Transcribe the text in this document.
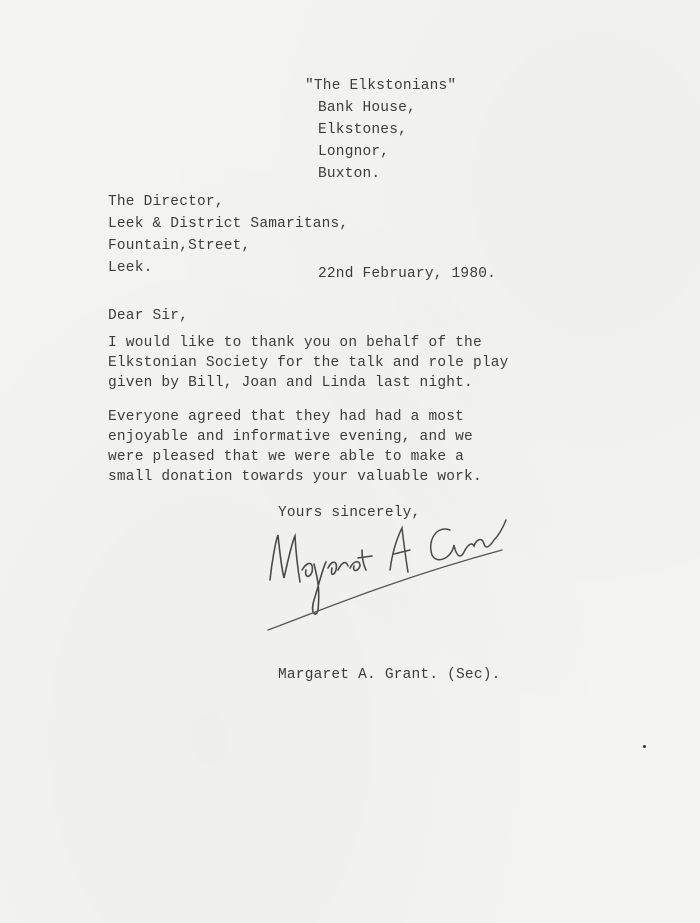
"The Elkstonians"
Bank House,
Elkstones,
Longnor,
Buxton.
The Director,
Leek & District Samaritans,
Fountain,Street,
Leek.	22nd February, 1980.
Dear Sir,
I would like to thank you on behalf of the
Elkstonian Society for the talk and role play
given by Bill, Joan and Linda last night.
Everyone agreed that they had had a most
enjoyable and informative evening, and we
were pleased that we were able to make a
small donation towards your valuable work.
Yours sincerely,
Margaret A. Grant. (Sec).
